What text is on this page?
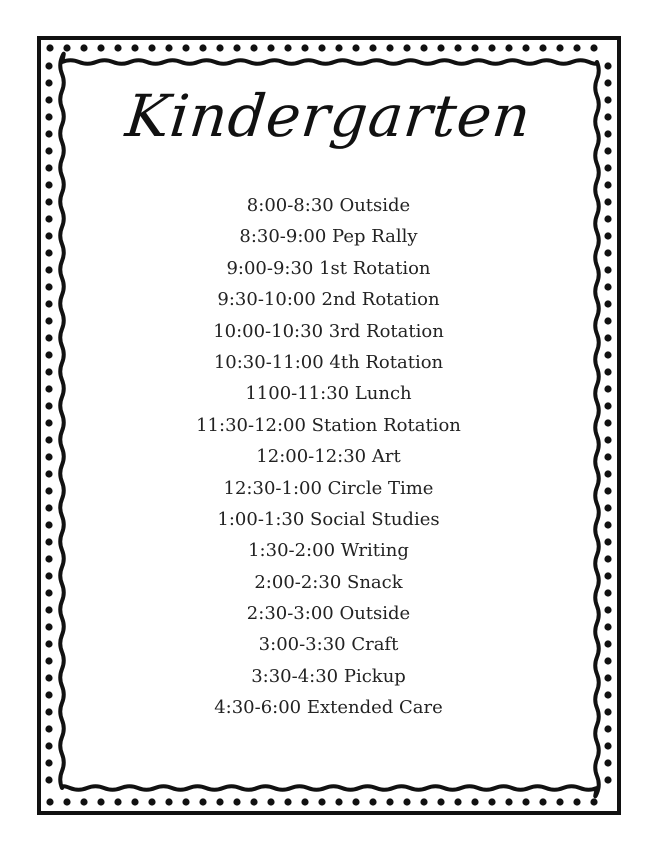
Kindergarten
8:00-8:30 Outside
8:30-9:00 Pep Rally
9:00-9:30 1st Rotation
9:30-10:00 2nd Rotation
10:00-10:30 3rd Rotation
10:30-11:00 4th Rotation
1100-11:30 Lunch
11:30-12:00 Station Rotation
12:00-12:30 Art
12:30-1:00 Circle Time
1:00-1:30 Social Studies
1:30-2:00 Writing
2:00-2:30 Snack
2:30-3:00 Outside
3:00-3:30 Craft
3:30-4:30 Pickup
4:30-6:00 Extended Care
